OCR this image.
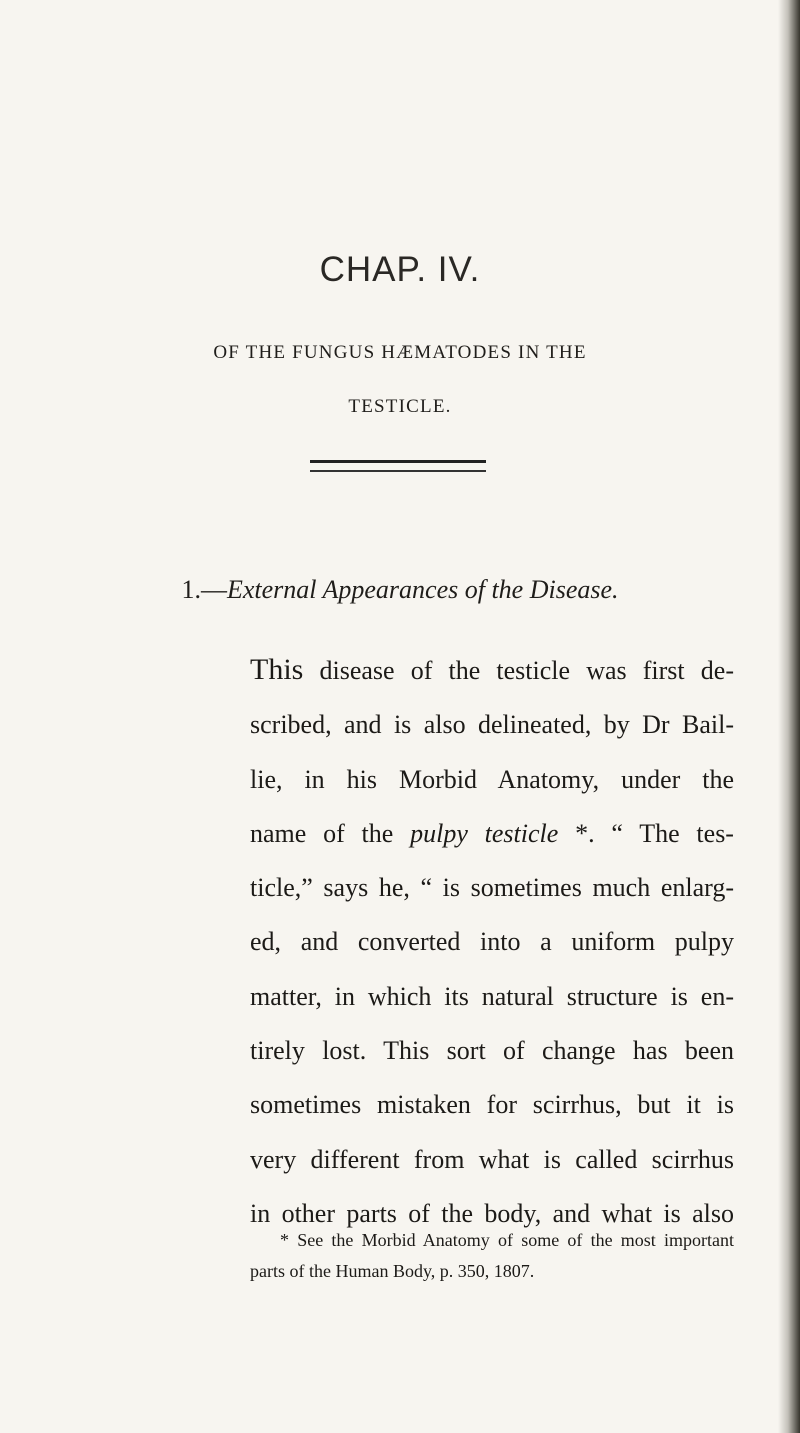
CHAP. IV.
OF THE FUNGUS HÆMATODES IN THE
TESTICLE.
1.—External Appearances of the Disease.
This disease of the testicle was first de-
scribed, and is also delineated, by Dr Bail-
lie, in his Morbid Anatomy, under the
name of the pulpy testicle *. “ The tes-
ticle,” says he, “ is sometimes much enlarg-
ed, and converted into a uniform pulpy
matter, in which its natural structure is en-
tirely lost. This sort of change has been
sometimes mistaken for scirrhus, but it is
very different from what is called scirrhus
in other parts of the body, and what is also
* See the Morbid Anatomy of some of the most important
parts of the Human Body, p. 350, 1807.
